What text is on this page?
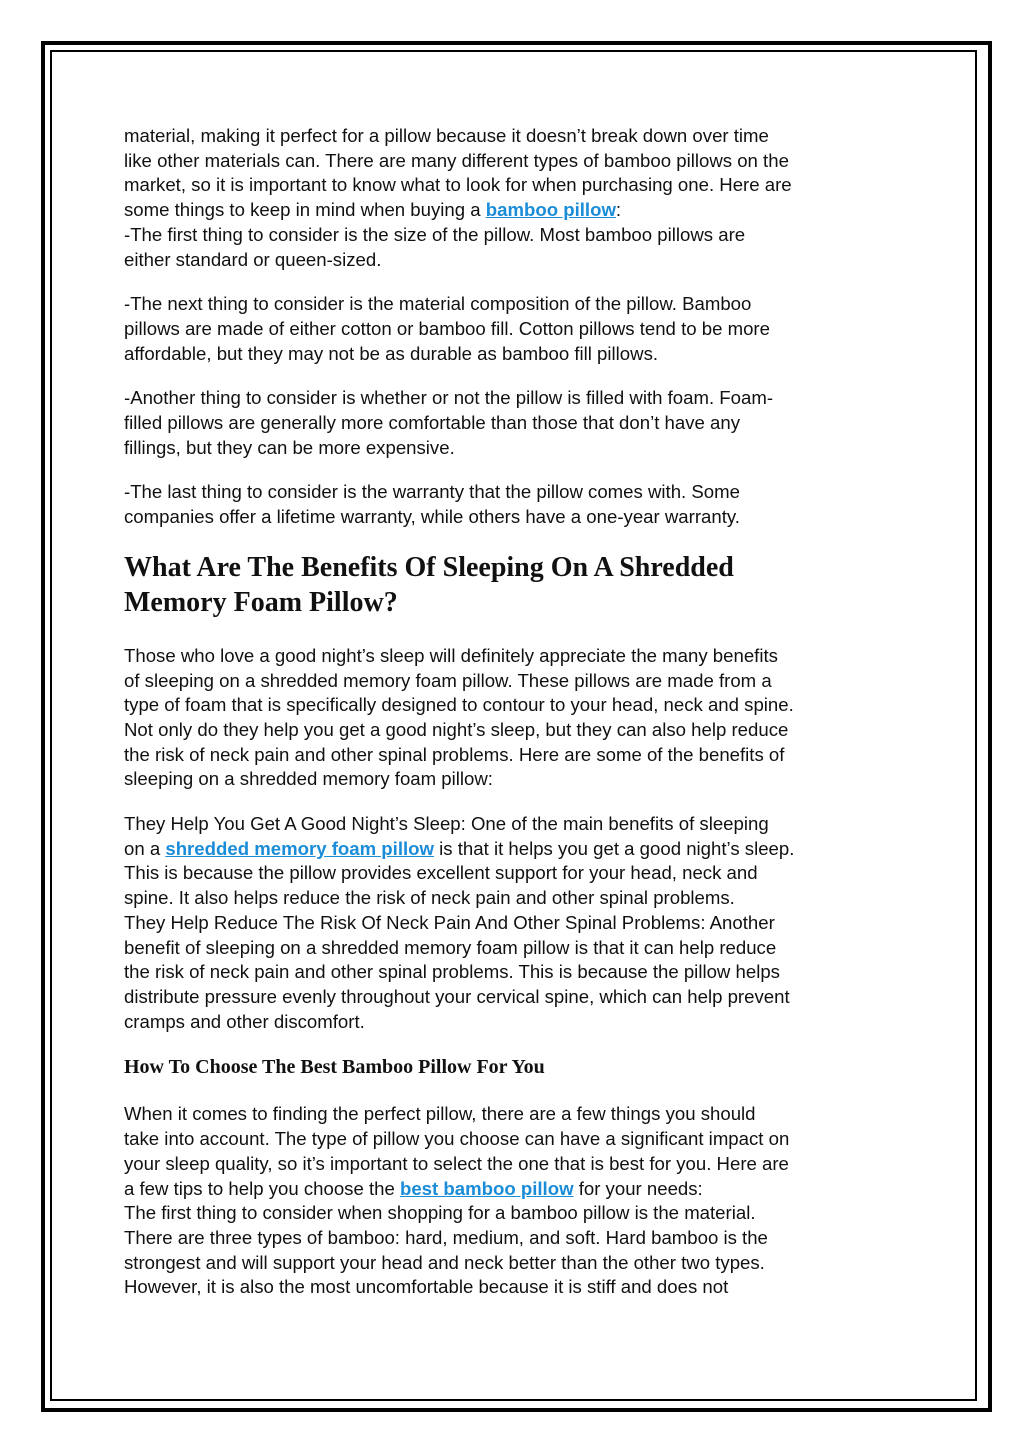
material, making it perfect for a pillow because it doesn’t break down over time
like other materials can. There are many different types of bamboo pillows on the
market, so it is important to know what to look for when purchasing one. Here are
some things to keep in mind when buying a bamboo pillow:
-The first thing to consider is the size of the pillow. Most bamboo pillows are
either standard or queen-sized.

-The next thing to consider is the material composition of the pillow. Bamboo
pillows are made of either cotton or bamboo fill. Cotton pillows tend to be more
affordable, but they may not be as durable as bamboo fill pillows.

-Another thing to consider is whether or not the pillow is filled with foam. Foam-
filled pillows are generally more comfortable than those that don’t have any
fillings, but they can be more expensive.

-The last thing to consider is the warranty that the pillow comes with. Some
companies offer a lifetime warranty, while others have a one-year warranty.

What Are The Benefits Of Sleeping On A Shredded
Memory Foam Pillow?

Those who love a good night’s sleep will definitely appreciate the many benefits
of sleeping on a shredded memory foam pillow. These pillows are made from a
type of foam that is specifically designed to contour to your head, neck and spine.
Not only do they help you get a good night’s sleep, but they can also help reduce
the risk of neck pain and other spinal problems. Here are some of the benefits of
sleeping on a shredded memory foam pillow:

They Help You Get A Good Night’s Sleep: One of the main benefits of sleeping
on a shredded memory foam pillow is that it helps you get a good night’s sleep.
This is because the pillow provides excellent support for your head, neck and
spine. It also helps reduce the risk of neck pain and other spinal problems.
They Help Reduce The Risk Of Neck Pain And Other Spinal Problems: Another
benefit of sleeping on a shredded memory foam pillow is that it can help reduce
the risk of neck pain and other spinal problems. This is because the pillow helps
distribute pressure evenly throughout your cervical spine, which can help prevent
cramps and other discomfort.

How To Choose The Best Bamboo Pillow For You

When it comes to finding the perfect pillow, there are a few things you should
take into account. The type of pillow you choose can have a significant impact on
your sleep quality, so it’s important to select the one that is best for you. Here are
a few tips to help you choose the best bamboo pillow for your needs:
The first thing to consider when shopping for a bamboo pillow is the material.
There are three types of bamboo: hard, medium, and soft. Hard bamboo is the
strongest and will support your head and neck better than the other two types.
However, it is also the most uncomfortable because it is stiff and does not
